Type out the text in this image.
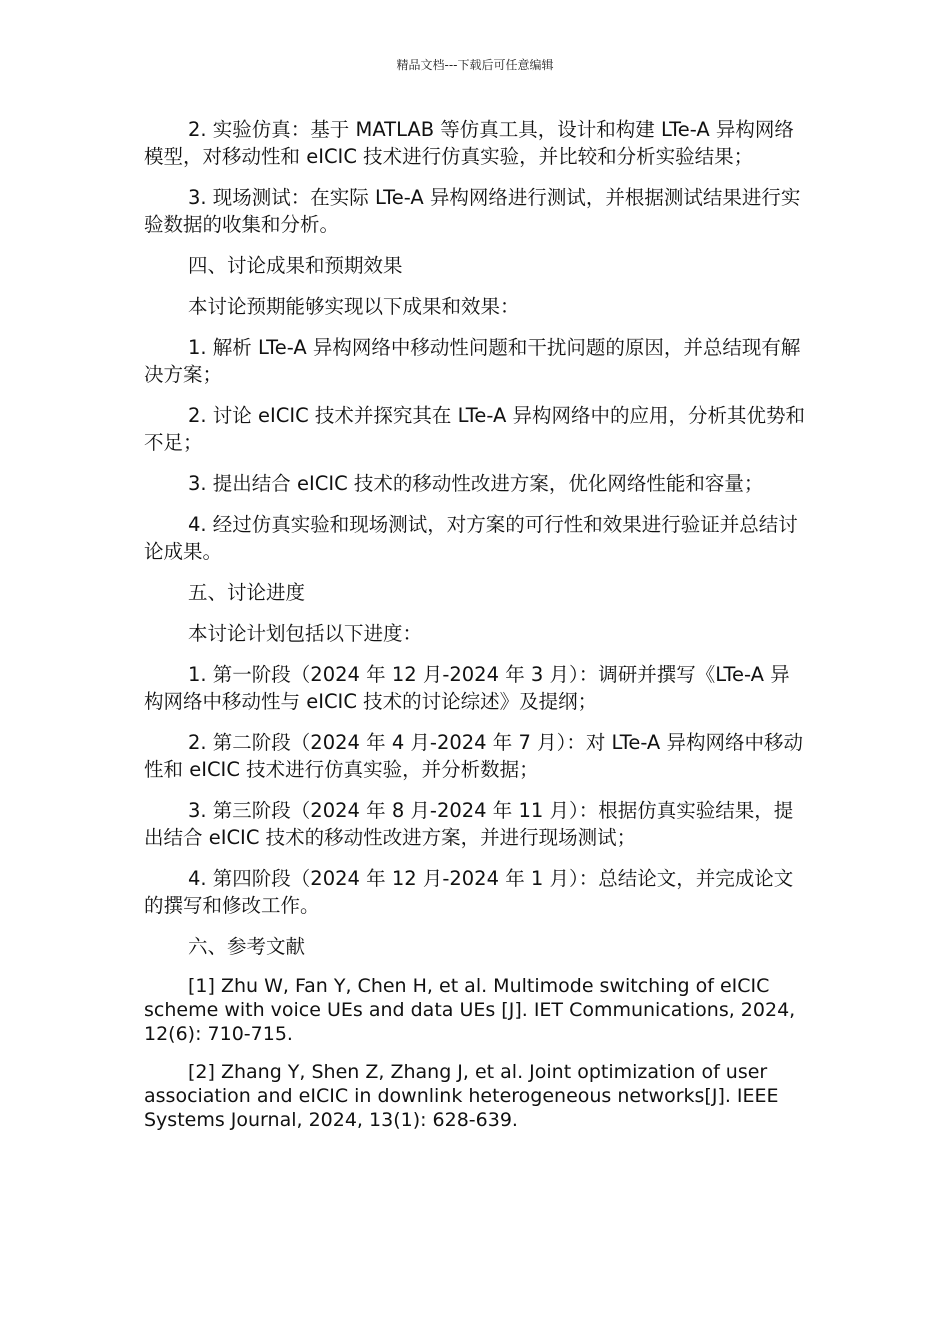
精品文档---下载后可任意编辑

2. 实验仿真：基于 MATLAB 等仿真工具，设计和构建 LTe-A 异构网络模型，对移动性和 eICIC 技术进行仿真实验，并比较和分析实验结果；

3. 现场测试：在实际 LTe-A 异构网络进行测试，并根据测试结果进行实验数据的收集和分析。

四、讨论成果和预期效果

本讨论预期能够实现以下成果和效果：

1. 解析 LTe-A 异构网络中移动性问题和干扰问题的原因，并总结现有解决方案；

2. 讨论 eICIC 技术并探究其在 LTe-A 异构网络中的应用，分析其优势和不足；

3. 提出结合 eICIC 技术的移动性改进方案，优化网络性能和容量；

4. 经过仿真实验和现场测试，对方案的可行性和效果进行验证并总结讨论成果。

五、讨论进度

本讨论计划包括以下进度：

1. 第一阶段（2024 年 12 月-2024 年 3 月）：调研并撰写《LTe-A 异构网络中移动性与 eICIC 技术的讨论综述》及提纲；

2. 第二阶段（2024 年 4 月-2024 年 7 月）：对 LTe-A 异构网络中移动性和 eICIC 技术进行仿真实验，并分析数据；

3. 第三阶段（2024 年 8 月-2024 年 11 月）：根据仿真实验结果，提出结合 eICIC 技术的移动性改进方案，并进行现场测试；

4. 第四阶段（2024 年 12 月-2024 年 1 月）：总结论文，并完成论文的撰写和修改工作。

六、参考文献

[1] Zhu W, Fan Y, Chen H, et al. Multimode switching of eICIC scheme with voice UEs and data UEs [J]. IET Communications, 2024, 12(6): 710-715.

[2] Zhang Y, Shen Z, Zhang J, et al. Joint optimization of user association and eICIC in downlink heterogeneous networks[J]. IEEE Systems Journal, 2024, 13(1): 628-639.
